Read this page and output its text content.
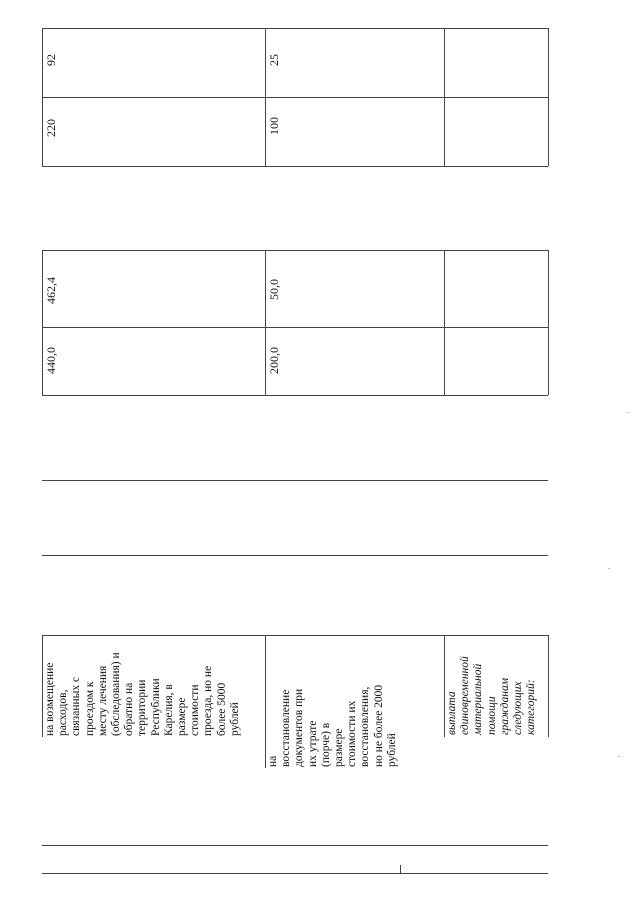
92
220
25
100
462,4
440,0
50,0
200,0
на возмещение
расходов,
связанных с
проездом к
месту лечения
(обследования) и
обратно на
территории
Республики
Карелия, в
размере
стоимости
проезда, но не
более 5000
рублей
на
восстановление
документов при
их утрате
(порче) в
размере
стоимости их
восстановления,
но не более 2000
рублей
выплата
единовременной
материальной
помощи
гражданам
следующих
категорий:
